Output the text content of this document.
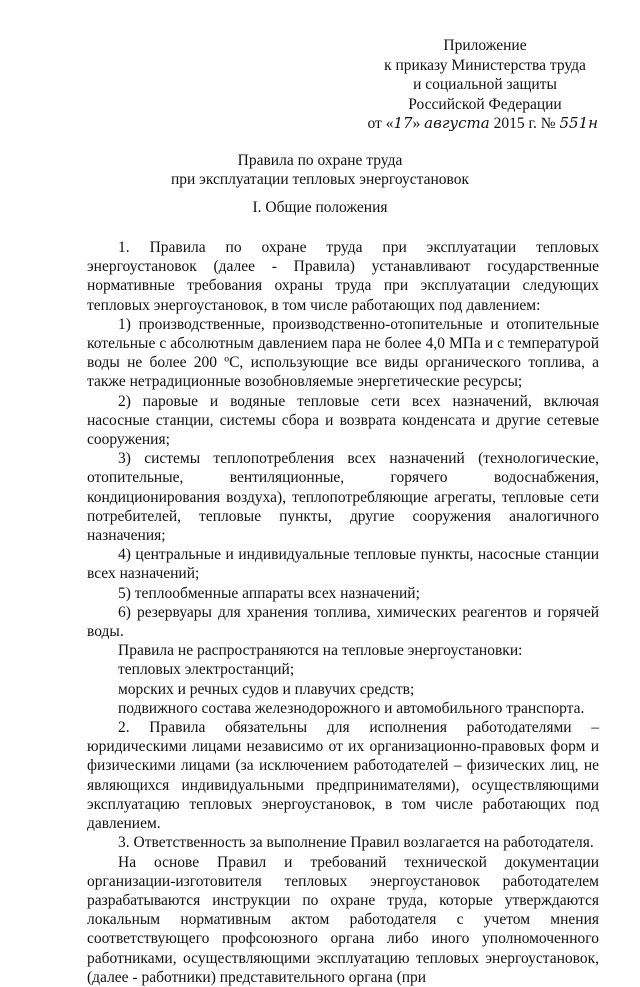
Приложение
к приказу Министерства труда
и социальной защиты
Российской Федерации
от «17» августа 2015 г. № 551н
Правила по охране труда
при эксплуатации тепловых энергоустановок
I. Общие положения

1. Правила по охране труда при эксплуатации тепловых энергоустановок (далее - Правила) устанавливают государственные нормативные требования охраны труда при эксплуатации следующих тепловых энергоустановок, в том числе работающих под давлением:

1) производственные, производственно-отопительные и отопительные котельные с абсолютным давлением пара не более 4,0 МПа и с температурой воды не более 200 ºС, использующие все виды органического топлива, а также нетрадиционные возобновляемые энергетические ресурсы;

2) паровые и водяные тепловые сети всех назначений, включая насосные станции, системы сбора и возврата конденсата и другие сетевые сооружения;

3) системы теплопотребления всех назначений (технологические, отопительные, вентиляционные, горячего водоснабжения, кондиционирования воздуха), теплопотребляющие агрегаты, тепловые сети потребителей, тепловые пункты, другие сооружения аналогичного назначения;

4) центральные и индивидуальные тепловые пункты, насосные станции всех назначений;

5) теплообменные аппараты всех назначений;

6) резервуары для хранения топлива, химических реагентов и горячей воды.

Правила не распространяются на тепловые энергоустановки:

тепловых электростанций;

морских и речных судов и плавучих средств;

подвижного состава железнодорожного и автомобильного транспорта.

2. Правила обязательны для исполнения работодателями – юридическими лицами независимо от их организационно-правовых форм и физическими лицами (за исключением работодателей – физических лиц, не являющихся индивидуальными предпринимателями), осуществляющими эксплуатацию тепловых энергоустановок, в том числе работающих под давлением.

3. Ответственность за выполнение Правил возлагается на работодателя.

На основе Правил и требований технической документации организации-изготовителя тепловых энергоустановок работодателем разрабатываются инструкции по охране труда, которые утверждаются локальным нормативным актом работодателя с учетом мнения соответствующего профсоюзного органа либо иного уполномоченного работниками, осуществляющими эксплуатацию тепловых энергоустановок, (далее - работники) представительного органа (при
